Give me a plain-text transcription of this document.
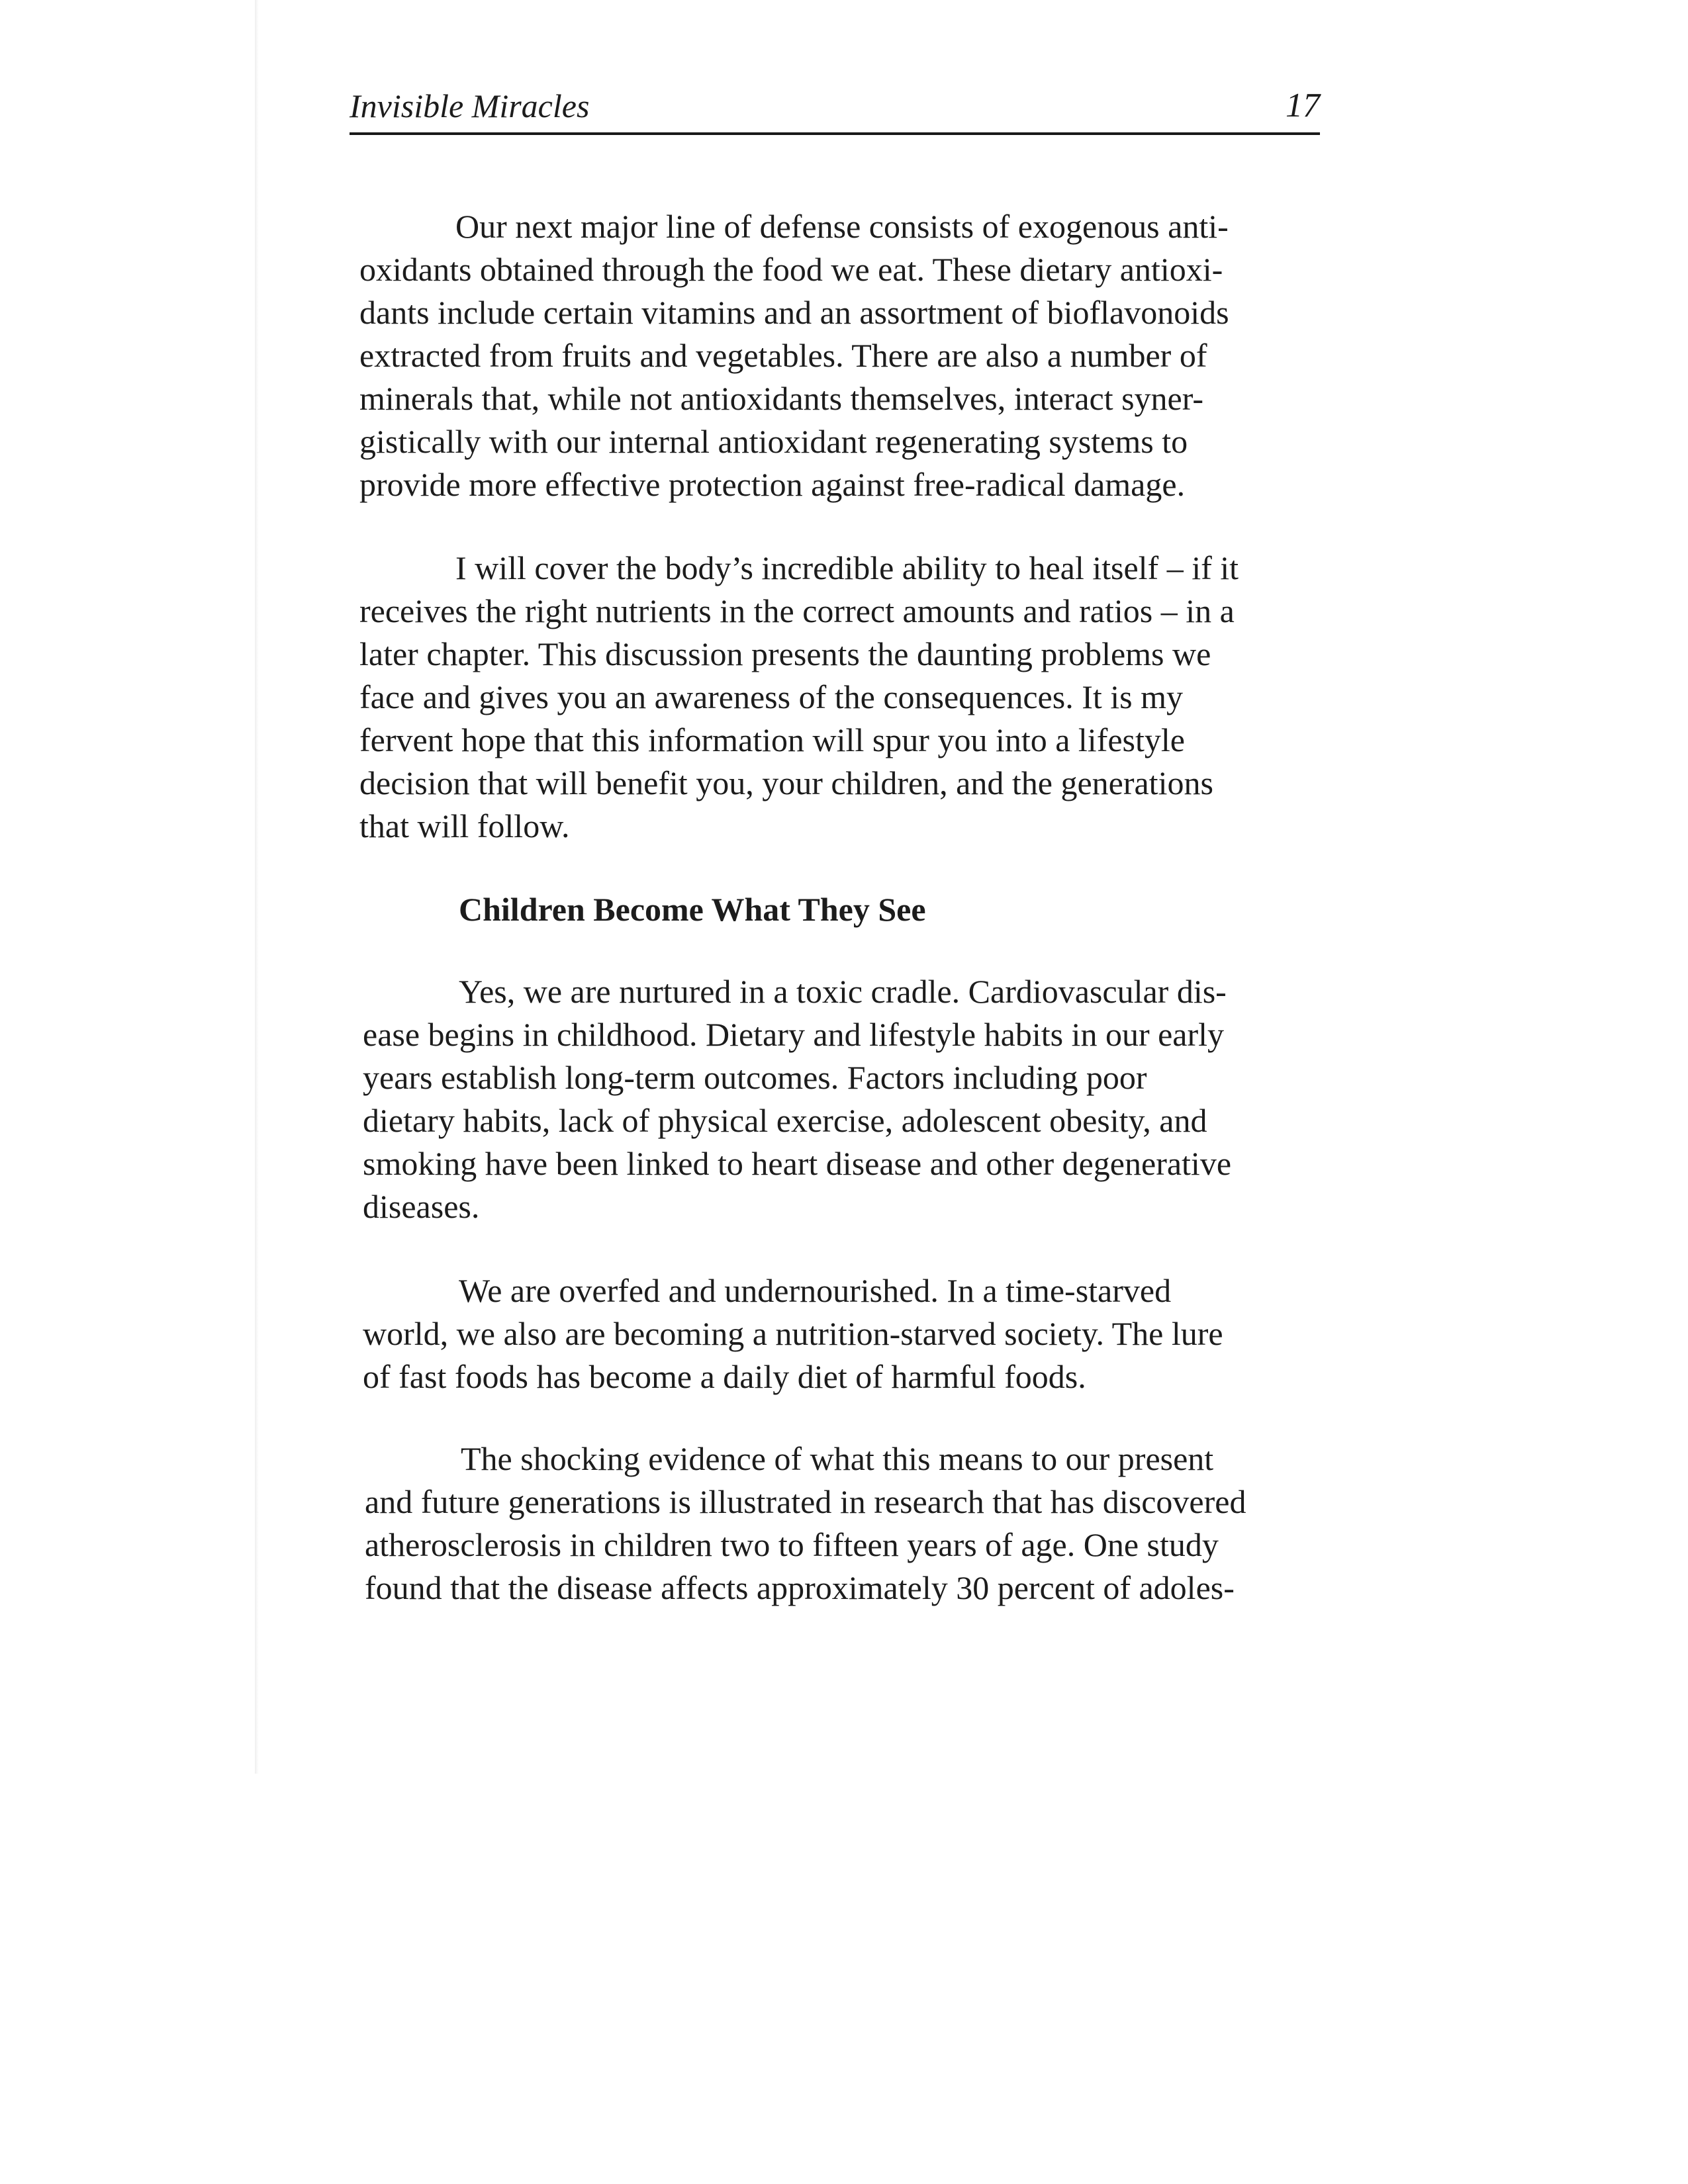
Invisible Miracles	17
Our next major line of defense consists of exogenous anti-
oxidants obtained through the food we eat. These dietary antioxi-
dants include certain vitamins and an assortment of bioflavonoids
extracted from fruits and vegetables. There are also a number of
minerals that, while not antioxidants themselves, interact syner-
gistically with our internal antioxidant regenerating systems to
provide more effective protection against free-radical damage.
I will cover the body’s incredible ability to heal itself – if it
receives the right nutrients in the correct amounts and ratios – in a
later chapter. This discussion presents the daunting problems we
face and gives you an awareness of the consequences. It is my
fervent hope that this information will spur you into a lifestyle
decision that will benefit you, your children, and the generations
that will follow.
Children Become What They See
Yes, we are nurtured in a toxic cradle. Cardiovascular dis-
ease begins in childhood. Dietary and lifestyle habits in our early
years establish long-term outcomes. Factors including poor
dietary habits, lack of physical exercise, adolescent obesity, and
smoking have been linked to heart disease and other degenerative
diseases.
We are overfed and undernourished. In a time-starved
world, we also are becoming a nutrition-starved society. The lure
of fast foods has become a daily diet of harmful foods.
The shocking evidence of what this means to our present
and future generations is illustrated in research that has discovered
atherosclerosis in children two to fifteen years of age. One study
found that the disease affects approximately 30 percent of adoles-
